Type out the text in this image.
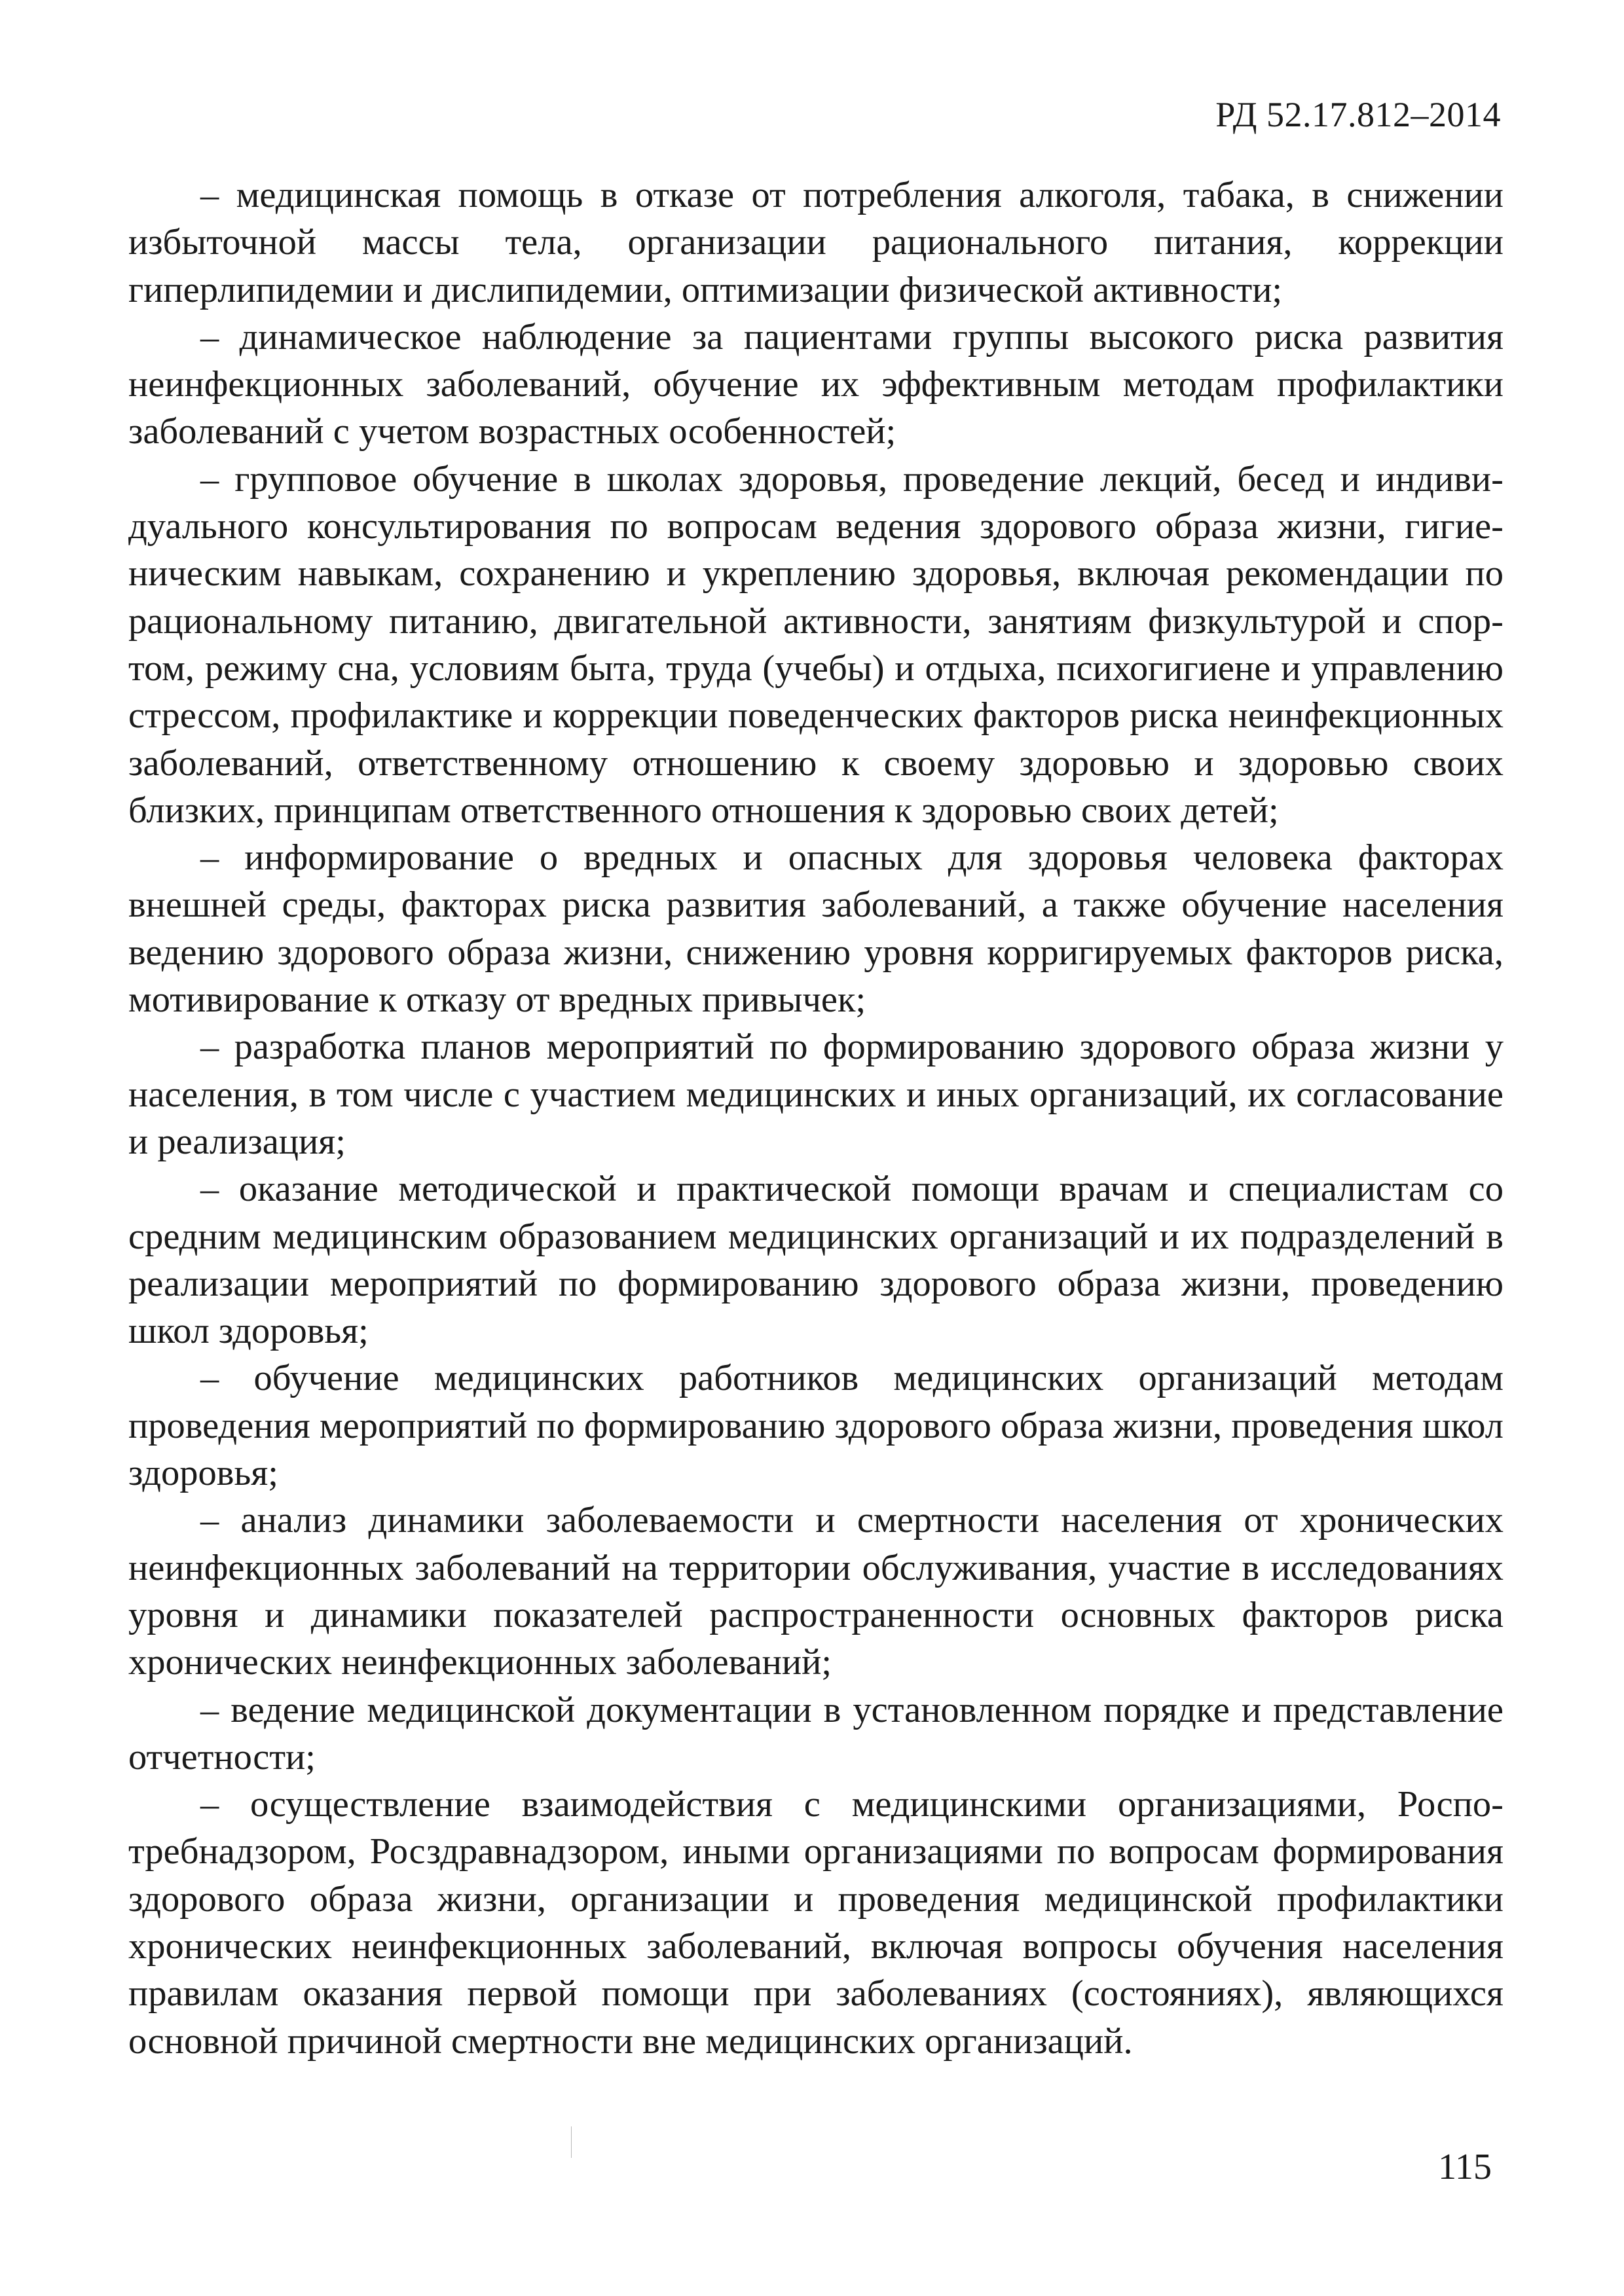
РД 52.17.812–2014

– медицинская помощь в отказе от потребления алкоголя, табака, в снижении избыточной массы тела, организации рационального питания, коррекции гиперлипидемии и дислипидемии, оптимизации физической активности;

– динамическое наблюдение за пациентами группы высокого риска развития неинфекционных заболеваний, обучение их эффективным методам профилактики заболеваний с учетом возрастных особенностей;

– групповое обучение в школах здоровья, проведение лекций, бесед и индивидуального консультирования по вопросам ведения здорового образа жизни, гигиеническим навыкам, сохранению и укреплению здоровья, включая рекомендации по рациональному питанию, двигательной активности, занятиям физкультурой и спортом, режиму сна, условиям быта, труда (учебы) и отдыха, психогигиене и управлению стрессом, профилактике и коррекции поведенческих факторов риска неинфекционных заболеваний, ответственному отношению к своему здоровью и здоровью своих близких, принципам ответственного отношения к здоровью своих детей;

– информирование о вредных и опасных для здоровья человека факторах внешней среды, факторах риска развития заболеваний, а также обучение населения ведению здорового образа жизни, снижению уровня корригируемых факторов риска, мотивирование к отказу от вредных привычек;

– разработка планов мероприятий по формированию здорового образа жизни у населения, в том числе с участием медицинских и иных организаций, их согласование и реализация;

– оказание методической и практической помощи врачам и специалистам со средним медицинским образованием медицинских организаций и их подразделений в реализации мероприятий по формированию здорового образа жизни, проведению школ здоровья;

– обучение медицинских работников медицинских организаций методам проведения мероприятий по формированию здорового образа жизни, проведения школ здоровья;

– анализ динамики заболеваемости и смертности населения от хронических неинфекционных заболеваний на территории обслуживания, участие в исследованиях уровня и динамики показателей распространенности основных факторов риска хронических неинфекционных заболеваний;

– ведение медицинской документации в установленном порядке и представление отчетности;

– осуществление взаимодействия с медицинскими организациями, Роспотребнадзором, Росздравнадзором, иными организациями по вопросам формирования здорового образа жизни, организации и проведения медицинской профилактики хронических неинфекционных заболеваний, включая вопросы обучения населения правилам оказания первой помощи при заболеваниях (состояниях), являющихся основной причиной смертности вне медицинских организаций.

115
